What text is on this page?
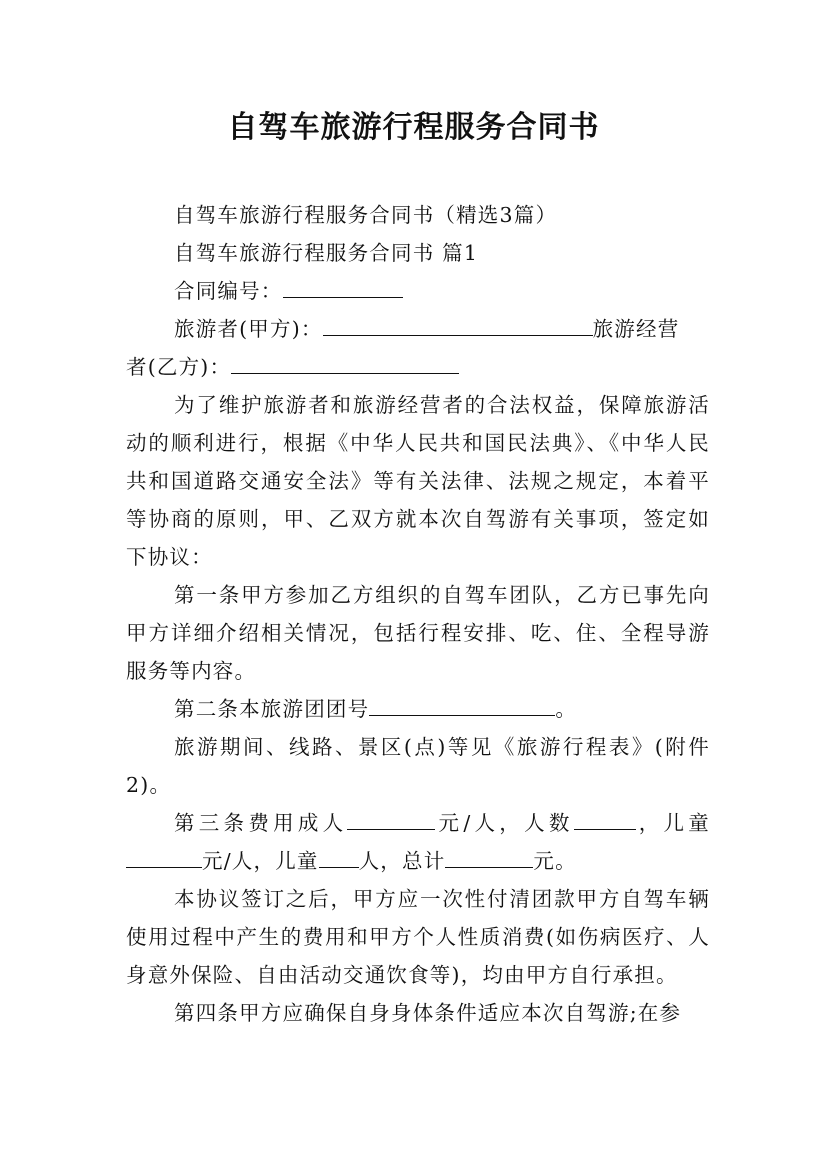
自驾车旅游行程服务合同书

自驾车旅游行程服务合同书（精选3篇）

自驾车旅游行程服务合同书 篇1

合同编号：

旅游者(甲方)：	旅游经营

者(乙方)：

为了维护旅游者和旅游经营者的合法权益，保障旅游活动的顺利进行，根据《中华人民共和国民法典》、《中华人民共和国道路交通安全法》等有关法律、法规之规定，本着平等协商的原则，甲、乙双方就本次自驾游有关事项，签定如下协议：

第一条甲方参加乙方组织的自驾车团队，乙方已事先向甲方详细介绍相关情况，包括行程安排、吃、住、全程导游服务等内容。

第二条本旅游团团号	。

旅游期间、线路、景区(点)等见《旅游行程表》(附件2)。

第三条费用成人	元/人，人数	，儿童元/人，儿童 人，总计	元。

本协议签订之后，甲方应一次性付清团款甲方自驾车辆使用过程中产生的费用和甲方个人性质消费(如伤病医疗、人身意外保险、自由活动交通饮食等)，均由甲方自行承担。

第四条甲方应确保自身身体条件适应本次自驾游;在参
